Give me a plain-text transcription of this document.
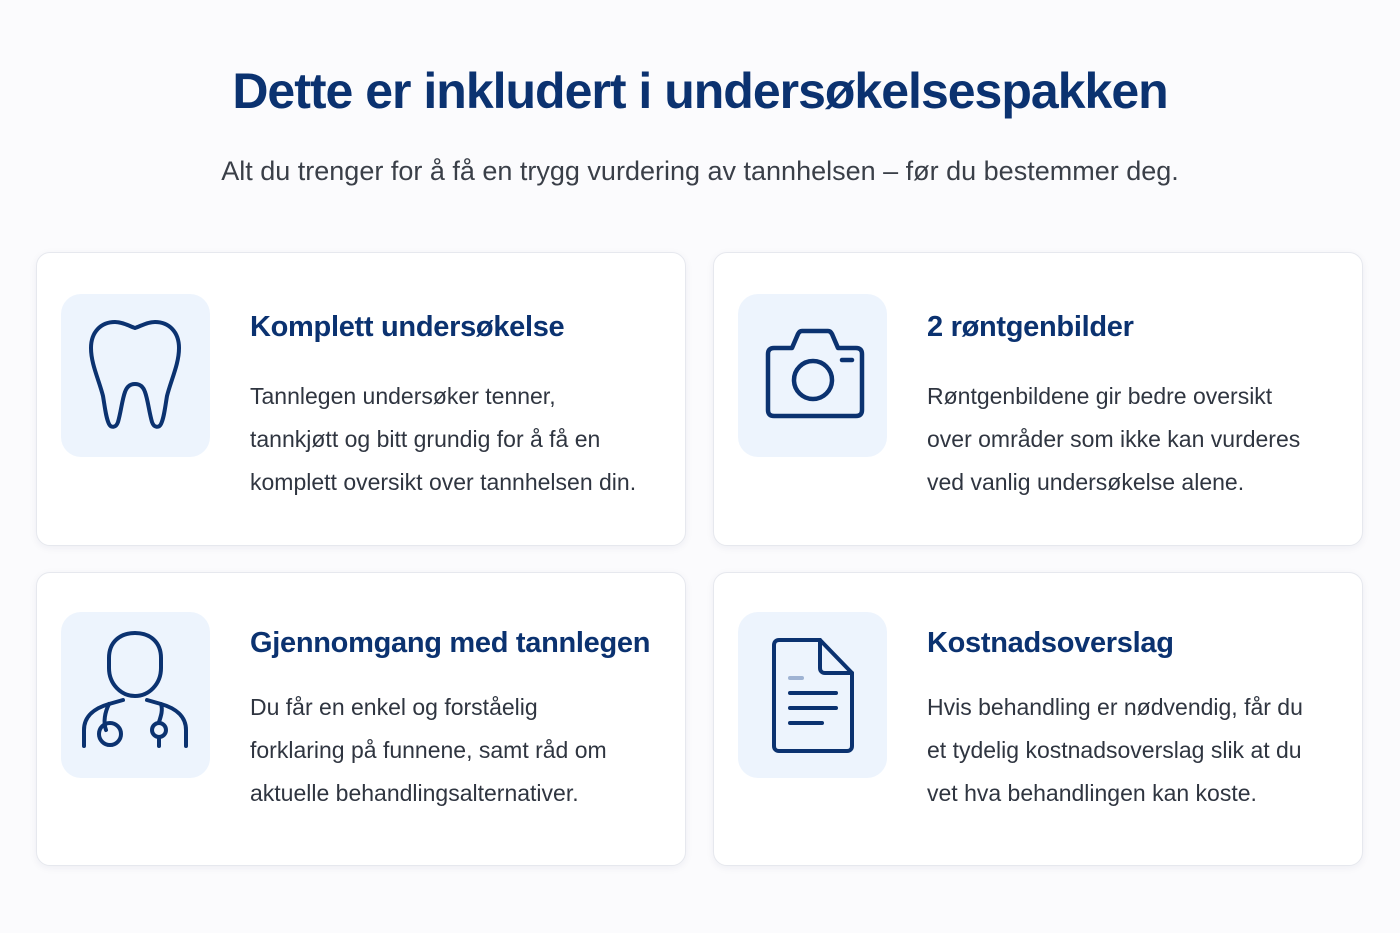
Dette er inkludert i undersøkelsespakken

Alt du trenger for å få en trygg vurdering av tannhelsen – før du bestemmer deg.

Komplett undersøkelse

Tannlegen undersøker tenner,
tannkjøtt og bitt grundig for å få en
komplett oversikt over tannhelsen din.

2 røntgenbilder

Røntgenbildene gir bedre oversikt
over områder som ikke kan vurderes
ved vanlig undersøkelse alene.

Gjennomgang med tannlegen

Du får en enkel og forståelig
forklaring på funnene, samt råd om
aktuelle behandlingsalternativer.

Kostnadsoverslag

Hvis behandling er nødvendig, får du
et tydelig kostnadsoverslag slik at du
vet hva behandlingen kan koste.
